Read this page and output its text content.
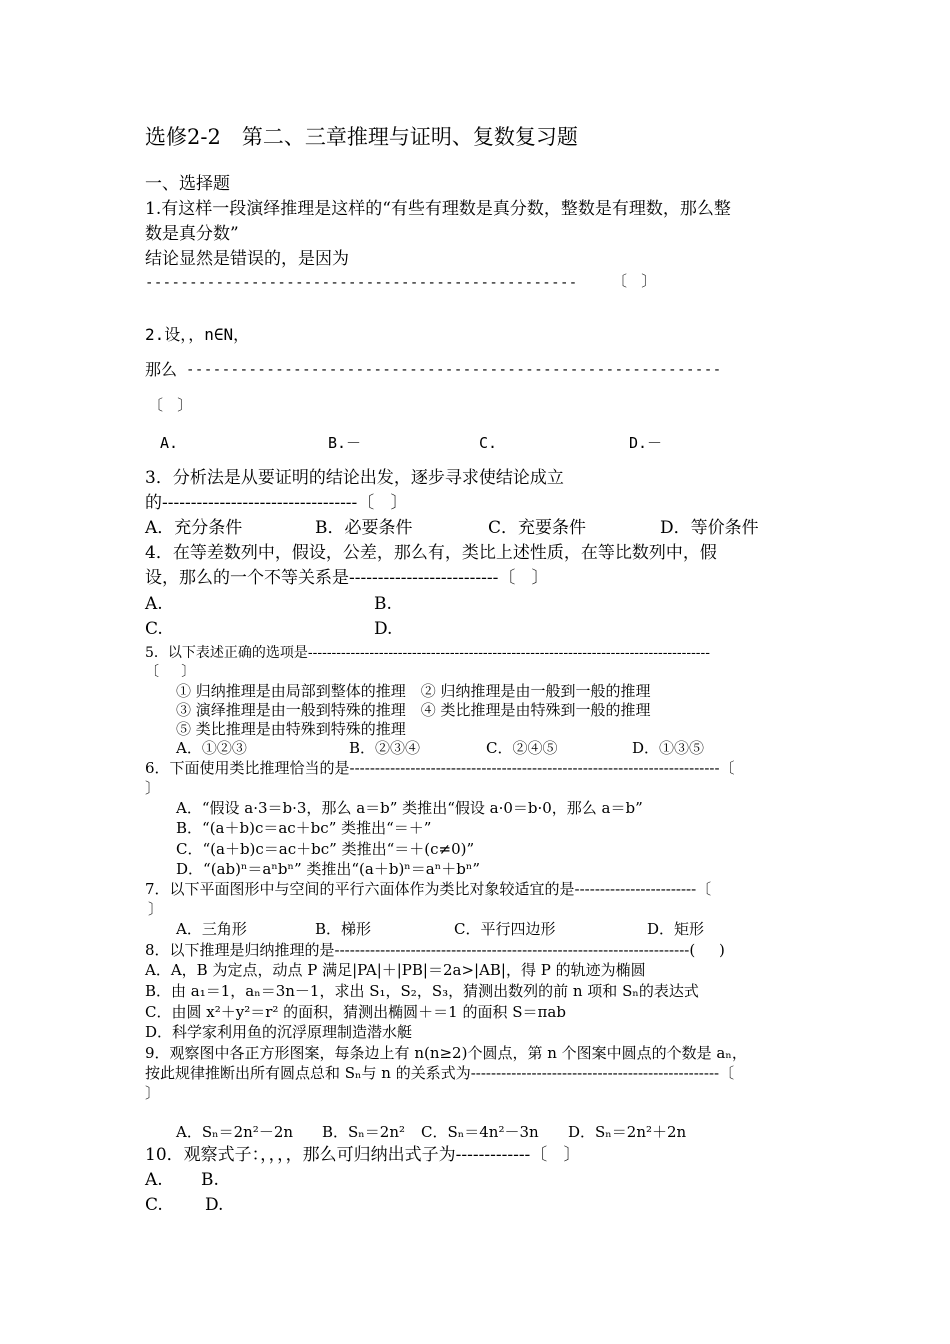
选修2-2　第二、三章推理与证明、复数复习题
一、选择题
1.有这样一段演绎推理是这样的“有些有理数是真分数，整数是有理数，那么整
数是真分数”
结论显然是错误的，是因为
------------------------------------------------- 〔   〕
2.设，，n∈N，
那么 ------------------------------------------------------------
〔   〕
A.	B.－	C.	D.－
3．分析法是从要证明的结论出发，逐步寻求使结论成立
的----------------------------------〔   〕
A．充分条件	B．必要条件	C．充要条件	D．等价条件
4．在等差数列中，假设，公差，那么有，类比上述性质，在等比数列中，假
设，那么的一个不等关系是--------------------------〔   〕
A.	B.
C.	D.
5．以下表述正确的选项是-------------------------------------------------------------------------------------
〔     〕
① 归纳推理是由局部到整体的推理　② 归纳推理是由一般到一般的推理
③ 演绎推理是由一般到特殊的推理　④ 类比推理是由特殊到一般的推理
⑤ 类比推理是由特殊到特殊的推理
A．①②③	B．②③④	C．②④⑤	D．①③⑤
6．下面使用类比推理恰当的是-------------------------------------------------------------------------〔
〕
A．“假设 a·3＝b·3，那么 a＝b” 类推出“假设 a·0＝b·0，那么 a＝b”
B．“(a＋b)c＝ac＋bc” 类推出“＝＋”
C．“(a＋b)c＝ac＋bc” 类推出“＝＋(c≠0)”
D．“(ab)ⁿ＝aⁿbⁿ” 类推出“(a＋b)ⁿ＝aⁿ＋bⁿ”
7．以下平面图形中与空间的平行六面体作为类比对象较适宜的是------------------------〔
〕
A．三角形	B．梯形	C．平行四边形	D．矩形
8．以下推理是归纳推理的是----------------------------------------------------------------------(     )
A．A，B 为定点，动点 P 满足|PA|＋|PB|＝2a>|AB|，得 P 的轨迹为椭圆
B．由 a₁＝1，aₙ＝3n－1，求出 S₁，S₂，S₃，猜测出数列的前 n 项和 Sₙ的表达式
C．由圆 x²＋y²＝r² 的面积，猜测出椭圆＋＝1 的面积 S＝πab
D．科学家利用鱼的沉浮原理制造潜水艇
9．观察图中各正方形图案，每条边上有 n(n≥2)个圆点，第 n 个图案中圆点的个数是 aₙ，
按此规律推断出所有圆点总和 Sₙ与 n 的关系式为-------------------------------------------------〔
〕
A．Sₙ＝2n²－2n B．Sₙ＝2n² C．Sₙ＝4n²－3n D．Sₙ＝2n²＋2n
10．观察式子：，，，，那么可归纳出式子为-------------〔   〕
A. B.
C. D.
